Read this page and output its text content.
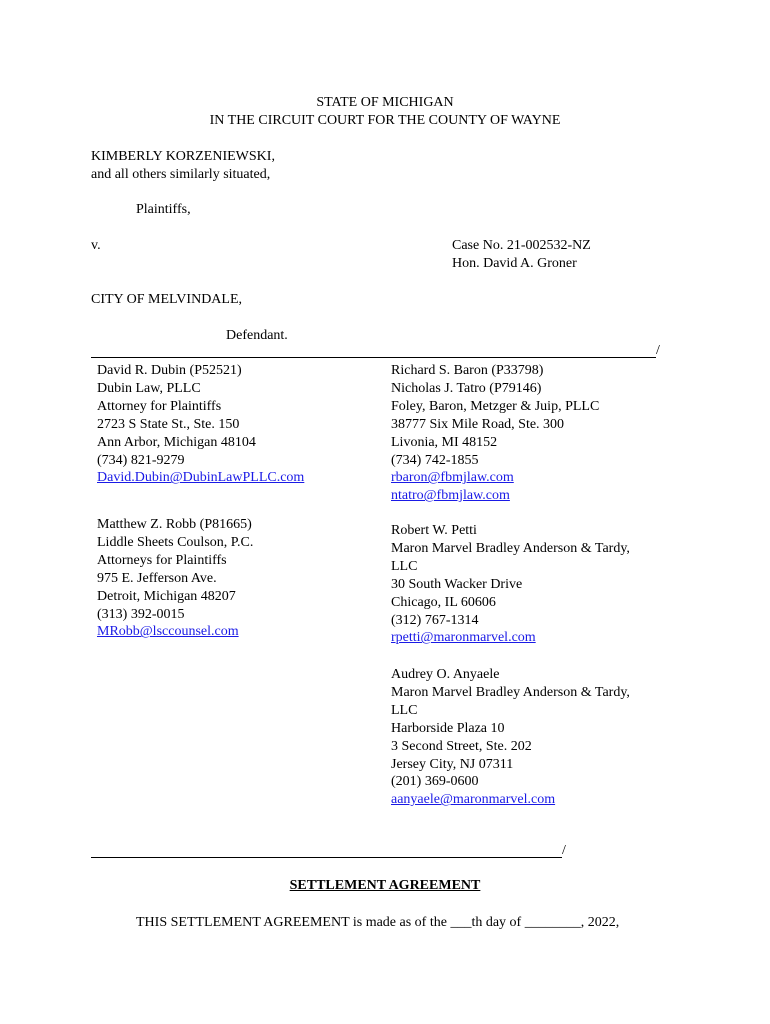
STATE OF MICHIGAN
IN THE CIRCUIT COURT FOR THE COUNTY OF WAYNE
KIMBERLY KORZENIEWSKI,
and all others similarly situated,
Plaintiffs,
v.	Case No. 21-002532-NZ
Hon. David A. Groner
CITY OF MELVINDALE,
Defendant.
/
David R. Dubin (P52521)
Dubin Law, PLLC
Attorney for Plaintiffs
2723 S State St., Ste. 150
Ann Arbor, Michigan 48104
(734) 821-9279
David.Dubin@DubinLawPLLC.com
Matthew Z. Robb (P81665)
Liddle Sheets Coulson, P.C.
Attorneys for Plaintiffs
975 E. Jefferson Ave.
Detroit, Michigan 48207
(313) 392-0015
MRobb@lsccounsel.com
Richard S. Baron (P33798)
Nicholas J. Tatro (P79146)
Foley, Baron, Metzger & Juip, PLLC
38777 Six Mile Road, Ste. 300
Livonia, MI 48152
(734) 742-1855
rbaron@fbmjlaw.com
ntatro@fbmjlaw.com
Robert W. Petti
Maron Marvel Bradley Anderson & Tardy,
LLC
30 South Wacker Drive
Chicago, IL 60606
(312) 767-1314
rpetti@maronmarvel.com
Audrey O. Anyaele
Maron Marvel Bradley Anderson & Tardy,
LLC
Harborside Plaza 10
3 Second Street, Ste. 202
Jersey City, NJ 07311
(201) 369-0600
aanyaele@maronmarvel.com
/
SETTLEMENT AGREEMENT
THIS SETTLEMENT AGREEMENT is made as of the ___th day of ________, 2022,
